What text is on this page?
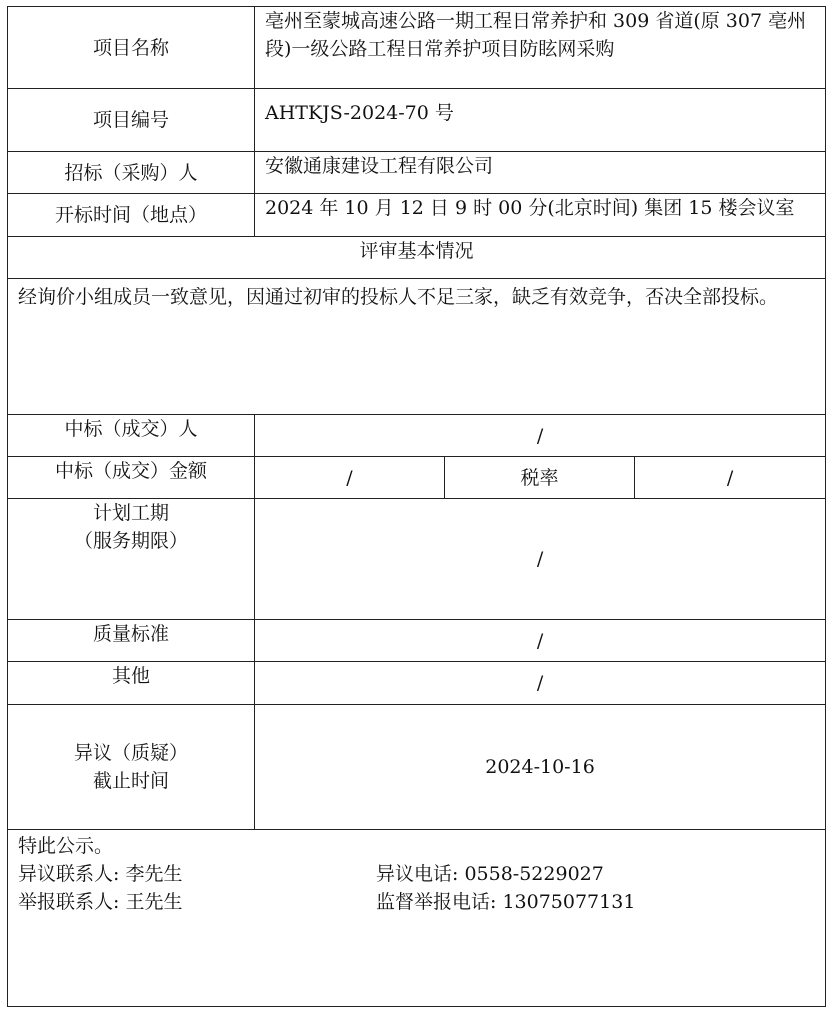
项目名称	亳州至蒙城高速公路一期工程日常养护和 309 省道(原 307 亳州段)一级公路工程日常养护项目防眩网采购		
项目编号	AHTKJS-2024-70 号		
招标（采购）人	安徽通康建设工程有限公司		
开标时间（地点）	2024 年 10 月 12 日 9 时 00 分(北京时间) 集团 15 楼会议室		
评审基本情况			

经询价小组成员一致意见，因通过初审的投标人不足三家，缺乏有效竞争，否决全部投标。			

中标（成交）人	/		
中标（成交）金额	/	税率	/

计划工期
（服务期限）	/		
质量标准	/		
其他	/		

异议（质疑）
截止时间	2024-10-16		

特此公示。
异议联系人: 李先生 异议电话: 0558-5229027
举报联系人: 王先生 监督举报电话: 13075077131			
